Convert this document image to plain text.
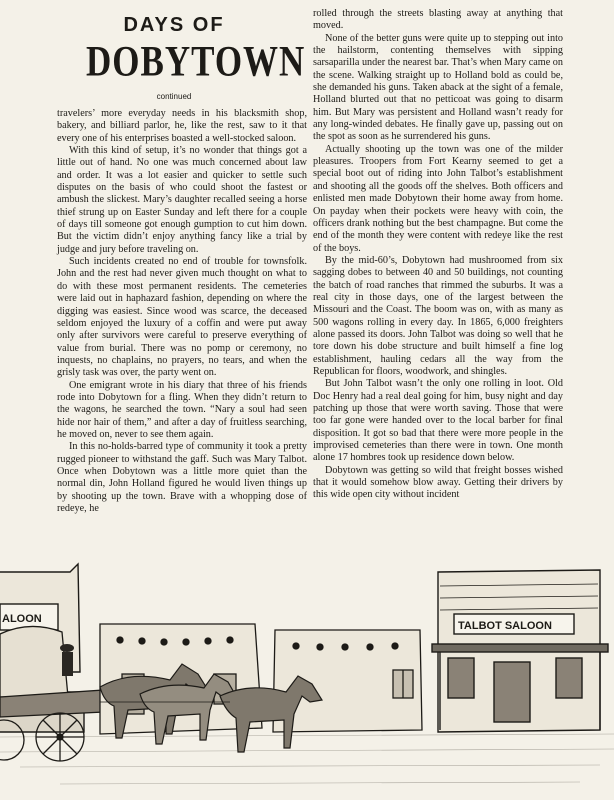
DAYS OF
DOBYTOWN
continued

travelers’ more everyday needs in his blacksmith shop, bakery, and billiard parlor, he, like the rest, saw to it that every one of his enterprises boasted a well-stocked saloon.

With this kind of setup, it’s no wonder that things got a little out of hand. No one was much concerned about law and order. It was a lot easier and quicker to settle such disputes on the basis of who could shoot the fastest or ambush the slickest. Mary’s daughter recalled seeing a horse thief strung up on Easter Sunday and left there for a couple of days till someone got enough gumption to cut him down. But the victim didn’t enjoy anything fancy like a trial by judge and jury before traveling on.

Such incidents created no end of trouble for townsfolk. John and the rest had never given much thought on what to do with these most permanent residents. The cemeteries were laid out in haphazard fashion, depending on where the digging was easiest. Since wood was scarce, the deceased seldom enjoyed the luxury of a coffin and were put away only after survivors were careful to preserve everything of value from burial. There was no pomp or ceremony, no inquests, no chaplains, no prayers, no tears, and when the grisly task was over, the party went on.

One emigrant wrote in his diary that three of his friends rode into Dobytown for a fling. When they didn’t return to the wagons, he searched the town. “Nary a soul had seen hide nor hair of them,” and after a day of fruitless searching, he moved on, never to see them again.

In this no-holds-barred type of community it took a pretty rugged pioneer to withstand the gaff. Such was Mary Talbot. Once when Dobytown was a little more quiet than the normal din, John Holland figured he would liven things up by shooting up the town. Brave with a whopping dose of redeye, he

rolled through the streets blasting away at anything that moved.

None of the better guns were quite up to stepping out into the hailstorm, contenting themselves with sipping sarsaparilla under the nearest bar. That’s when Mary came on the scene. Walking straight up to Holland bold as could be, she demanded his guns. Taken aback at the sight of a female, Holland blurted out that no petticoat was going to disarm him. But Mary was persistent and Holland wasn’t ready for any long-winded debates. He finally gave up, passing out on the spot as soon as he surrendered his guns.

Actually shooting up the town was one of the milder pleasures. Troopers from Fort Kearny seemed to get a special boot out of riding into John Talbot’s establishment and shooting all the goods off the shelves. Both officers and enlisted men made Dobytown their home away from home. On payday when their pockets were heavy with coin, the officers drank nothing but the best champagne. But come the end of the month they were content with redeye like the rest of the boys.

By the mid-60’s, Dobytown had mushroomed from six sagging dobes to between 40 and 50 buildings, not counting the batch of road ranches that rimmed the suburbs. It was a real city in those days, one of the largest between the Missouri and the Coast. The boom was on, with as many as 500 wagons rolling in every day. In 1865, 6,000 freighters alone passed its doors. John Talbot was doing so well that he tore down his dobe structure and built himself a fine log establishment, hauling cedars all the way from the Republican for floors, woodwork, and shingles.

But John Talbot wasn’t the only one rolling in loot. Old Doc Henry had a real deal going for him, busy night and day patching up those that were worth saving. Those that were too far gone were handed over to the local barber for final disposition. It got so bad that there were more people in the improvised cemeteries than there were in town. One month alone 17 hombres took up residence down below.

Dobytown was getting so wild that freight bosses wished that it would somehow blow away. Getting their drivers by this wide open city without incident

ALOON
TALBOT SALOON
